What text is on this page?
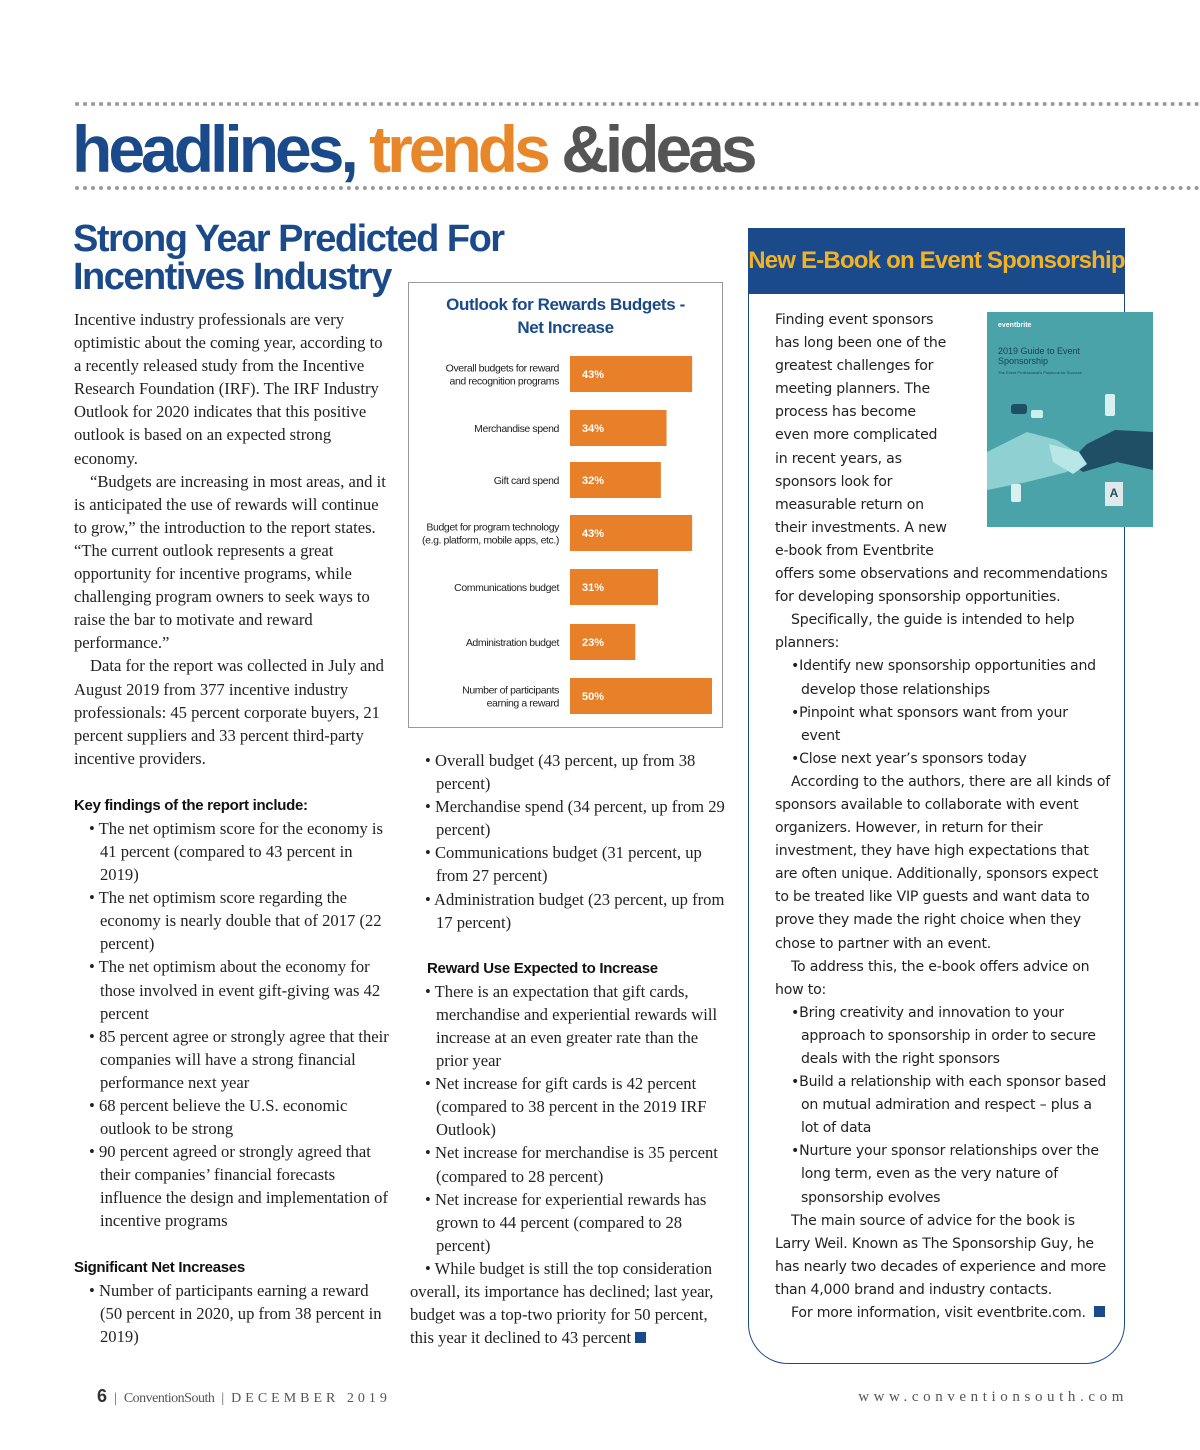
headlines, trends &ideas
Strong Year Predicted For Incentives Industry

Incentive industry professionals are very optimistic about the coming year, according to a recently released study from the Incentive Research Foundation (IRF). The IRF Industry Outlook for 2020 indicates that this positive outlook is based on an expected strong economy.

“Budgets are increasing in most areas, and it is anticipated the use of rewards will continue to grow,” the introduction to the report states. “The current outlook represents a great opportunity for incentive programs, while challenging program owners to seek ways to raise the bar to motivate and reward performance.”

Data for the report was collected in July and August 2019 from 377 incentive industry professionals: 45 percent corporate buyers, 21 percent suppliers and 33 percent third-party incentive providers.

Key findings of the report include:

• The net optimism score for the economy is 41 percent (compared to 43 percent in 2019)
• The net optimism score regarding the economy is nearly double that of 2017 (22 percent)
• The net optimism about the economy for those involved in event gift-giving was 42 percent
• 85 percent agree or strongly agree that their companies will have a strong financial performance next year
• 68 percent believe the U.S. economic outlook to be strong
• 90 percent agreed or strongly agreed that their companies’ financial forecasts influence the design and implementation of incentive programs

Significant Net Increases

• Number of participants earning a reward (50 percent in 2020, up from 38 percent in 2019)
Outlook for Rewards Budgets -
Net Increase
43%
Overall budgets for reward
and recognition programs
34%
Merchandise spend
32%
Gift card spend
43%
Budget for program technology
(e.g. platform, mobile apps, etc.)
31%
Communications budget
23%
Administration budget
50%
Number of participants
earning a reward
• Overall budget (43 percent, up from 38 percent)
• Merchandise spend (34 percent, up from 29 percent)
• Communications budget (31 percent, up from 27 percent)
• Administration budget (23 percent, up from 17 percent)

Reward Use Expected to Increase

• There is an expectation that gift cards, merchandise and experiential rewards will increase at an even greater rate than the prior year
• Net increase for gift cards is 42 percent (compared to 38 percent in the 2019 IRF Outlook)
• Net increase for merchandise is 35 percent (compared to 28 percent)
• Net increase for experiential rewards has grown to 44 percent (compared to 28 percent)
• While budget is still the top consideration

overall, its importance has declined; last year, budget was a top-two priority for 50 percent, this year it declined to 43 percent

New E-Book on Event Sponsorship

Finding event sponsors has long been one of the greatest challenges for meeting planners. The process has become even more complicated in recent years, as sponsors look for measurable return on their investments. A new e-book from Eventbrite offers some observations and recommendations for developing sponsorship opportunities.

Specifically, the guide is intended to help planners:

•Identify new sponsorship opportunities and develop those relationships
•Pinpoint what sponsors want from your event
•Close next year’s sponsors today

According to the authors, there are all kinds of sponsors available to collaborate with event organizers. However, in return for their investment, they have high expectations that are often unique. Additionally, sponsors expect to be treated like VIP guests and want data to prove they made the right choice when they chose to partner with an event.

To address this, the e-book offers advice on how to:

•Bring creativity and innovation to your approach to sponsorship in order to secure deals with the right sponsors
•Build a relationship with each sponsor based on mutual admiration and respect – plus a lot of data
•Nurture your sponsor relationships over the long term, even as the very nature of sponsorship evolves

The main source of advice for the book is Larry Weil. Known as The Sponsorship Guy, he has nearly two decades of experience and more than 4,000 brand and industry contacts.

For more information, visit eventbrite.com.

eventbrite
2019 Guide to Event Sponsorship
The Event Professional’s Playbook for Success
A
6  |  ConventionSouth  |  DECEMBER 2019	www.conventionsouth.com
